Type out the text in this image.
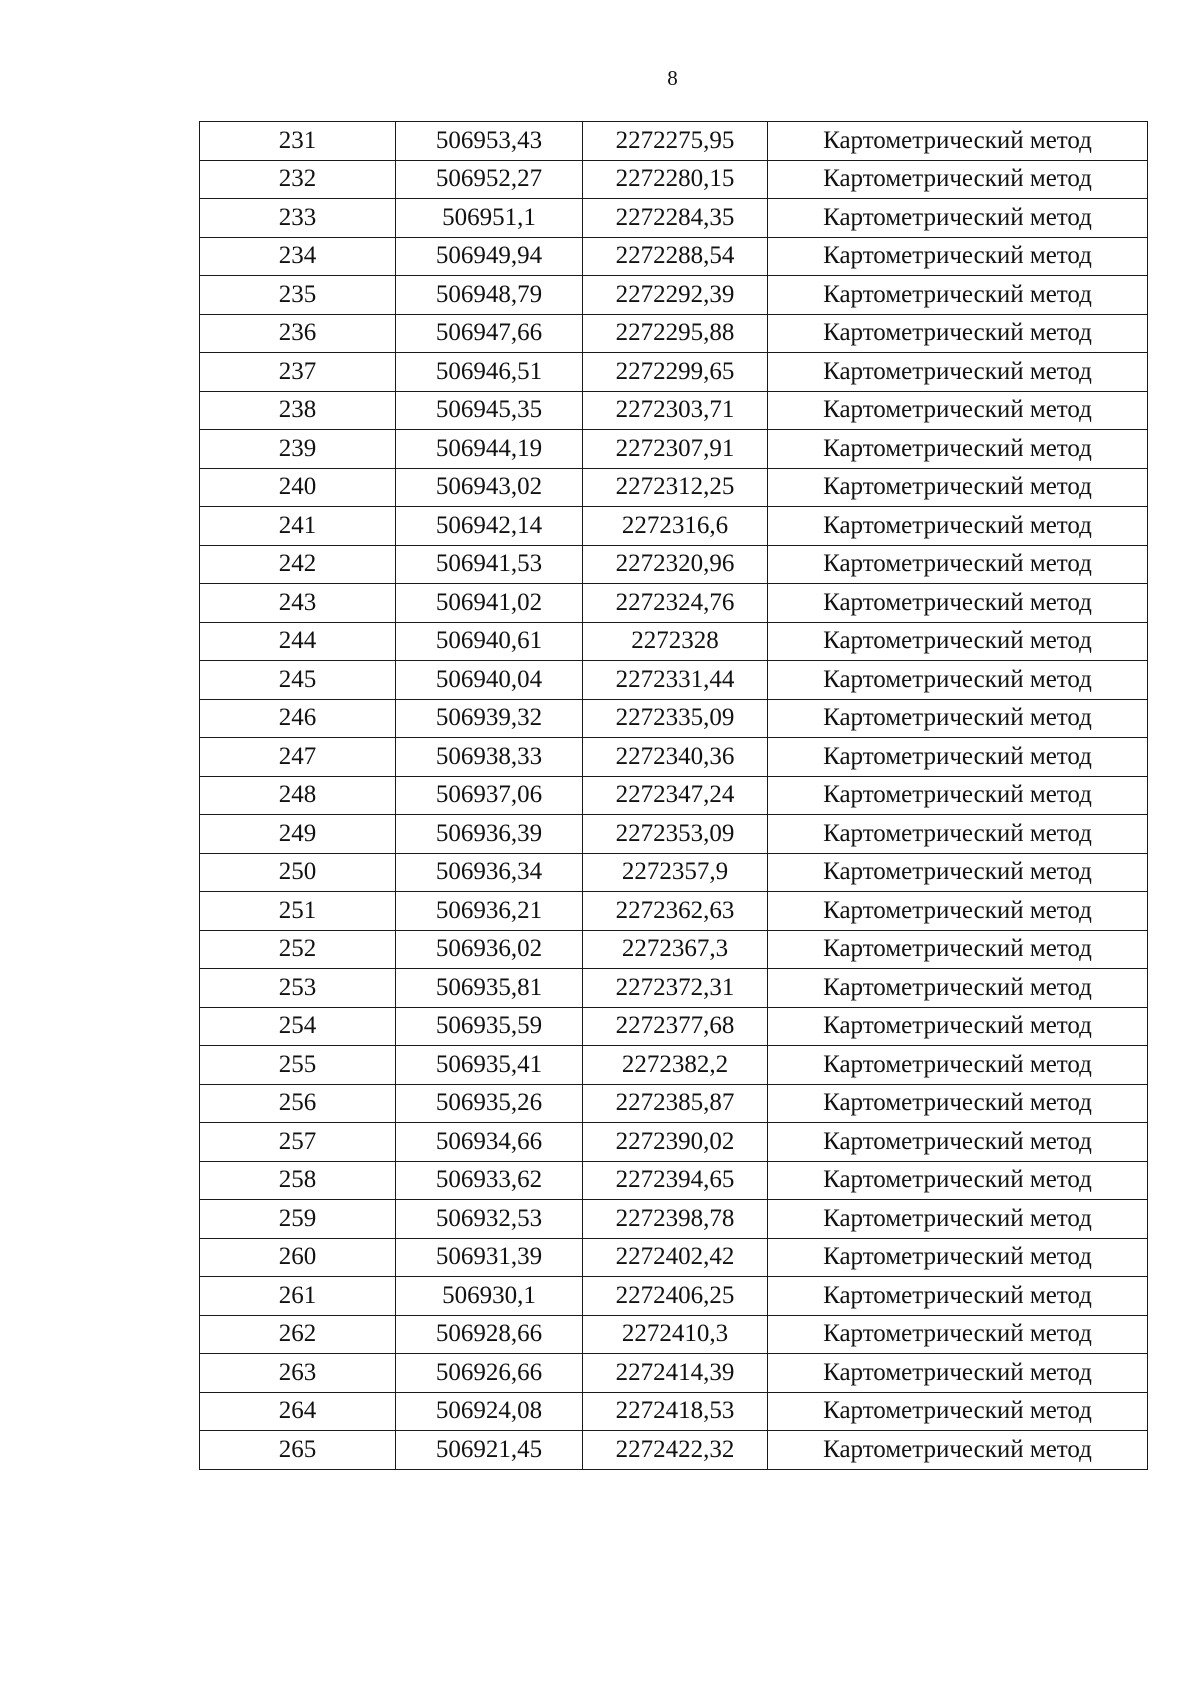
8
231	506953,43	2272275,95	Картометрический метод
232	506952,27	2272280,15	Картометрический метод
233	506951,1	2272284,35	Картометрический метод
234	506949,94	2272288,54	Картометрический метод
235	506948,79	2272292,39	Картометрический метод
236	506947,66	2272295,88	Картометрический метод
237	506946,51	2272299,65	Картометрический метод
238	506945,35	2272303,71	Картометрический метод
239	506944,19	2272307,91	Картометрический метод
240	506943,02	2272312,25	Картометрический метод
241	506942,14	2272316,6	Картометрический метод
242	506941,53	2272320,96	Картометрический метод
243	506941,02	2272324,76	Картометрический метод
244	506940,61	2272328	Картометрический метод
245	506940,04	2272331,44	Картометрический метод
246	506939,32	2272335,09	Картометрический метод
247	506938,33	2272340,36	Картометрический метод
248	506937,06	2272347,24	Картометрический метод
249	506936,39	2272353,09	Картометрический метод
250	506936,34	2272357,9	Картометрический метод
251	506936,21	2272362,63	Картометрический метод
252	506936,02	2272367,3	Картометрический метод
253	506935,81	2272372,31	Картометрический метод
254	506935,59	2272377,68	Картометрический метод
255	506935,41	2272382,2	Картометрический метод
256	506935,26	2272385,87	Картометрический метод
257	506934,66	2272390,02	Картометрический метод
258	506933,62	2272394,65	Картометрический метод
259	506932,53	2272398,78	Картометрический метод
260	506931,39	2272402,42	Картометрический метод
261	506930,1	2272406,25	Картометрический метод
262	506928,66	2272410,3	Картометрический метод
263	506926,66	2272414,39	Картометрический метод
264	506924,08	2272418,53	Картометрический метод
265	506921,45	2272422,32	Картометрический метод
